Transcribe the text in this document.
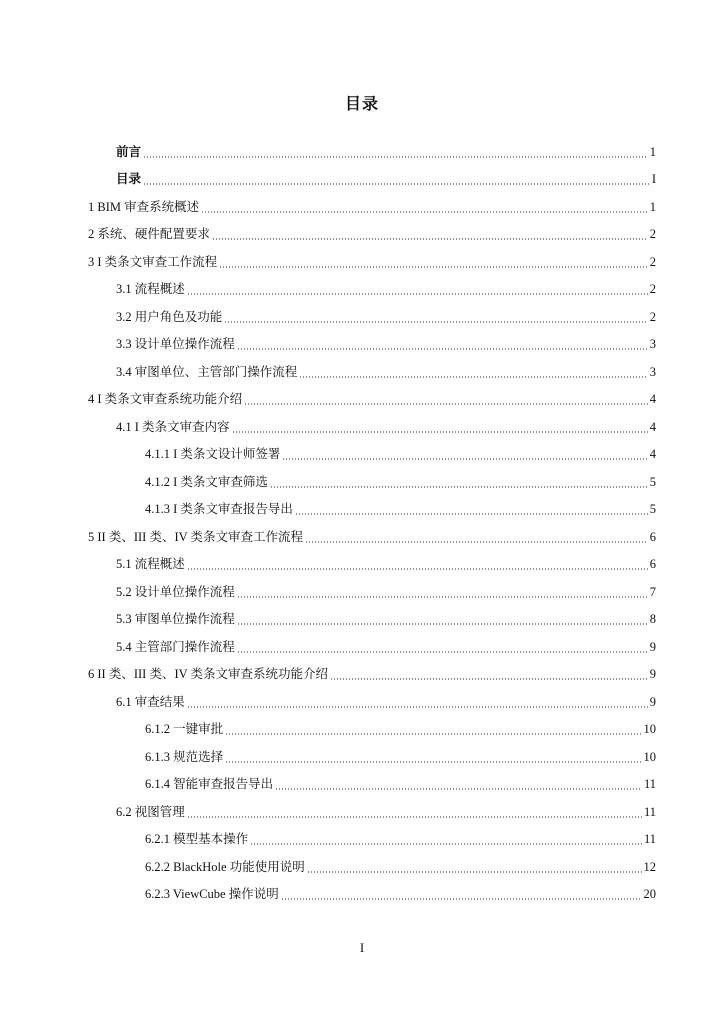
目录
前言	1
目录	I
1 BIM 审查系统概述	1
2 系统、硬件配置要求	2
3 I 类条文审查工作流程	2
3.1 流程概述	2
3.2 用户角色及功能	2
3.3 设计单位操作流程	3
3.4 审图单位、主管部门操作流程	3
4 I 类条文审查系统功能介绍	4
4.1 I 类条文审查内容	4
4.1.1 I 类条文设计师签署	4
4.1.2 I 类条文审查筛选	5
4.1.3 I 类条文审查报告导出	5
5 II 类、III 类、IV 类条文审查工作流程	6
5.1 流程概述	6
5.2 设计单位操作流程	7
5.3 审图单位操作流程	8
5.4 主管部门操作流程	9
6 II 类、III 类、IV 类条文审查系统功能介绍	9
6.1 审查结果	9
6.1.2 一键审批	10
6.1.3 规范选择	10
6.1.4 智能审查报告导出	11
6.2 视图管理	11
6.2.1 模型基本操作	11
6.2.2 BlackHole 功能使用说明	12
6.2.3 ViewCube 操作说明	20
I
